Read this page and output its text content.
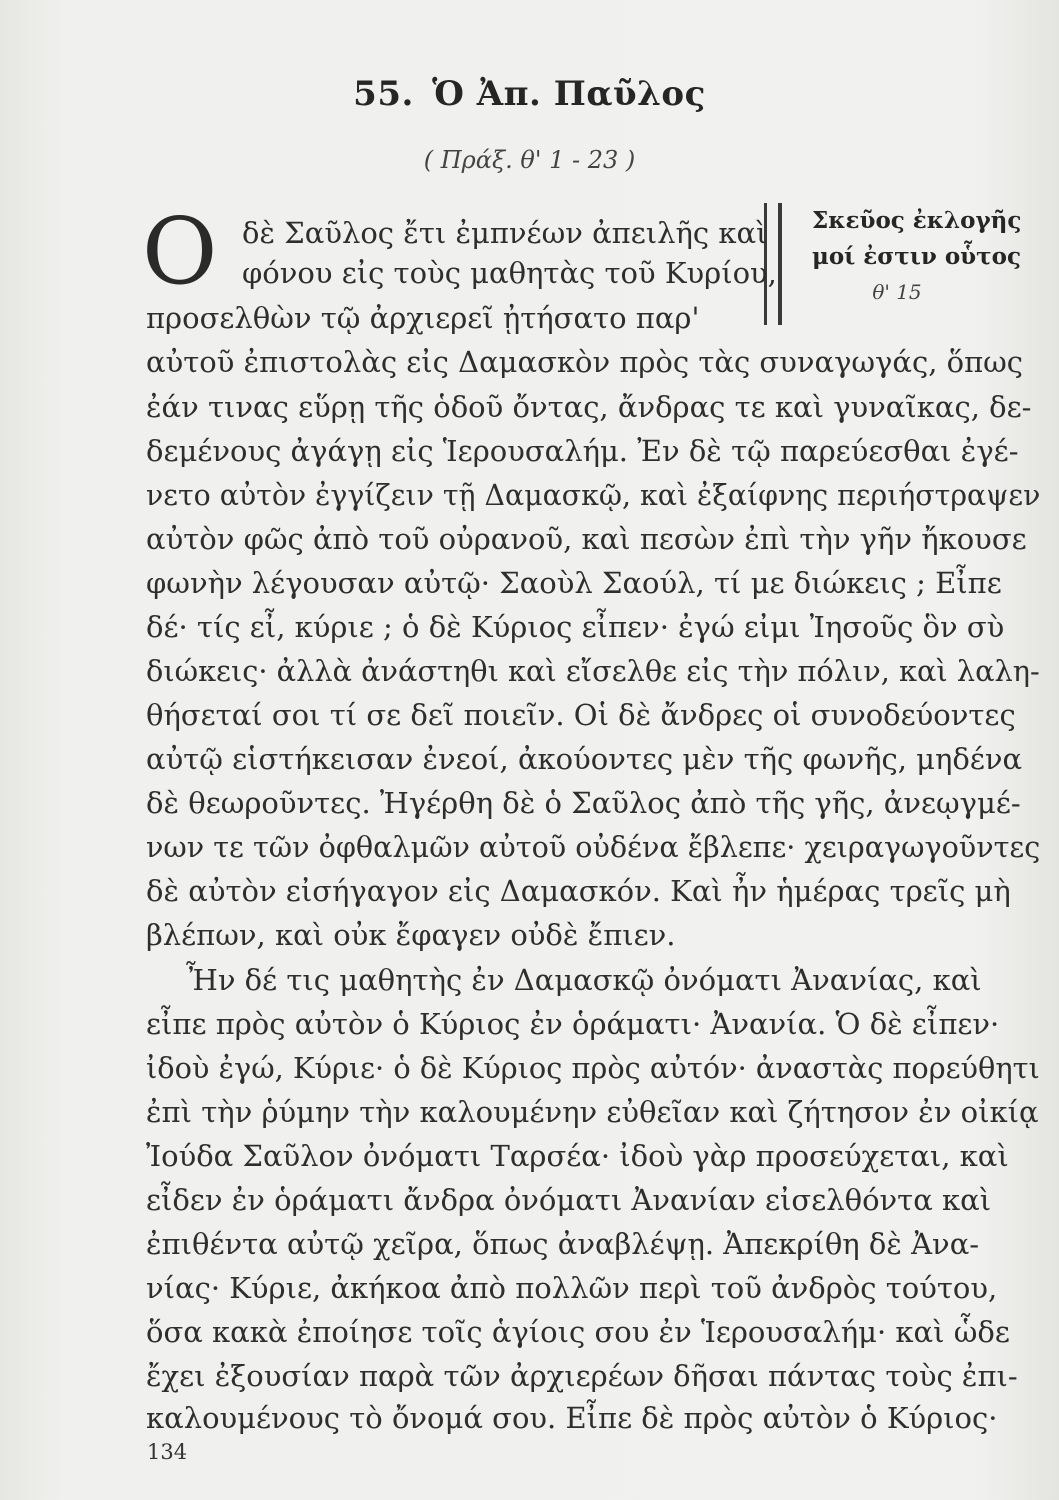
55. Ὁ Ἀπ. Παῦλος
( Πράξ. θ' 1 - 23 )
Ο	Σκεῦος ἐκλογῆς
μοί ἐστιν οὗτος
θ' 15
δὲ Σαῦλος ἔτι ἐμπνέων ἀπειλῆς καὶ
φόνου εἰς τοὺς μαθητὰς τοῦ Κυρίου,
προσελθὼν τῷ ἀρχιερεῖ ᾐτήσατο παρ'
αὐτοῦ ἐπιστολὰς εἰς Δαμασκὸν πρὸς τὰς συναγωγάς, ὅπως
ἐάν τινας εὕρῃ τῆς ὁδοῦ ὄντας, ἄνδρας τε καὶ γυναῖκας, δε-
δεμένους ἀγάγῃ εἰς Ἱερουσαλήμ. Ἐν δὲ τῷ παρεύεσθαι ἐγέ-
νετο αὐτὸν ἐγγίζειν τῇ Δαμασκῷ, καὶ ἐξαίφνης περιήστραψεν
αὐτὸν φῶς ἀπὸ τοῦ οὐρανοῦ, καὶ πεσὼν ἐπὶ τὴν γῆν ἤκουσε
φωνὴν λέγουσαν αὐτῷ· Σαοὺλ Σαούλ, τί με διώκεις ; Εἶπε
δέ· τίς εἶ, κύριε ; ὁ δὲ Κύριος εἶπεν· ἐγώ εἰμι Ἰησοῦς ὃν σὺ
διώκεις· ἀλλὰ ἀνάστηθι καὶ εἴσελθε εἰς τὴν πόλιν, καὶ λαλη-
θήσεταί σοι τί σε δεῖ ποιεῖν. Οἱ δὲ ἄνδρες οἱ συνοδεύοντες
αὐτῷ εἱστήκεισαν ἐνεοί, ἀκούοντες μὲν τῆς φωνῆς, μηδένα
δὲ θεωροῦντες. Ἠγέρθη δὲ ὁ Σαῦλος ἀπὸ τῆς γῆς, ἀνεῳγμέ-
νων τε τῶν ὀφθαλμῶν αὐτοῦ οὐδένα ἔβλεπε· χειραγωγοῦντες
δὲ αὐτὸν εἰσήγαγον εἰς Δαμασκόν. Καὶ ἦν ἡμέρας τρεῖς μὴ
βλέπων, καὶ οὐκ ἔφαγεν οὐδὲ ἔπιεν.
Ἦν δέ τις μαθητὴς ἐν Δαμασκῷ ὀνόματι Ἀνανίας, καὶ
εἶπε πρὸς αὐτὸν ὁ Κύριος ἐν ὁράματι· Ἀνανία. Ὁ δὲ εἶπεν·
ἰδοὺ ἐγώ, Κύριε· ὁ δὲ Κύριος πρὸς αὐτόν· ἀναστὰς πορεύθητι
ἐπὶ τὴν ῥύμην τὴν καλουμένην εὐθεῖαν καὶ ζήτησον ἐν οἰκίᾳ
Ἰούδα Σαῦλον ὀνόματι Ταρσέα· ἰδοὺ γὰρ προσεύχεται, καὶ
εἶδεν ἐν ὁράματι ἄνδρα ὀνόματι Ἀνανίαν εἰσελθόντα καὶ
ἐπιθέντα αὐτῷ χεῖρα, ὅπως ἀναβλέψῃ. Ἀπεκρίθη δὲ Ἀνα-
νίας· Κύριε, ἀκήκοα ἀπὸ πολλῶν περὶ τοῦ ἀνδρὸς τούτου,
ὅσα κακὰ ἐποίησε τοῖς ἁγίοις σου ἐν Ἱερουσαλήμ· καὶ ὧδε
ἔχει ἐξουσίαν παρὰ τῶν ἀρχιερέων δῆσαι πάντας τοὺς ἐπι-
καλουμένους τὸ ὄνομά σου. Εἶπε δὲ πρὸς αὐτὸν ὁ Κύριος·
134
